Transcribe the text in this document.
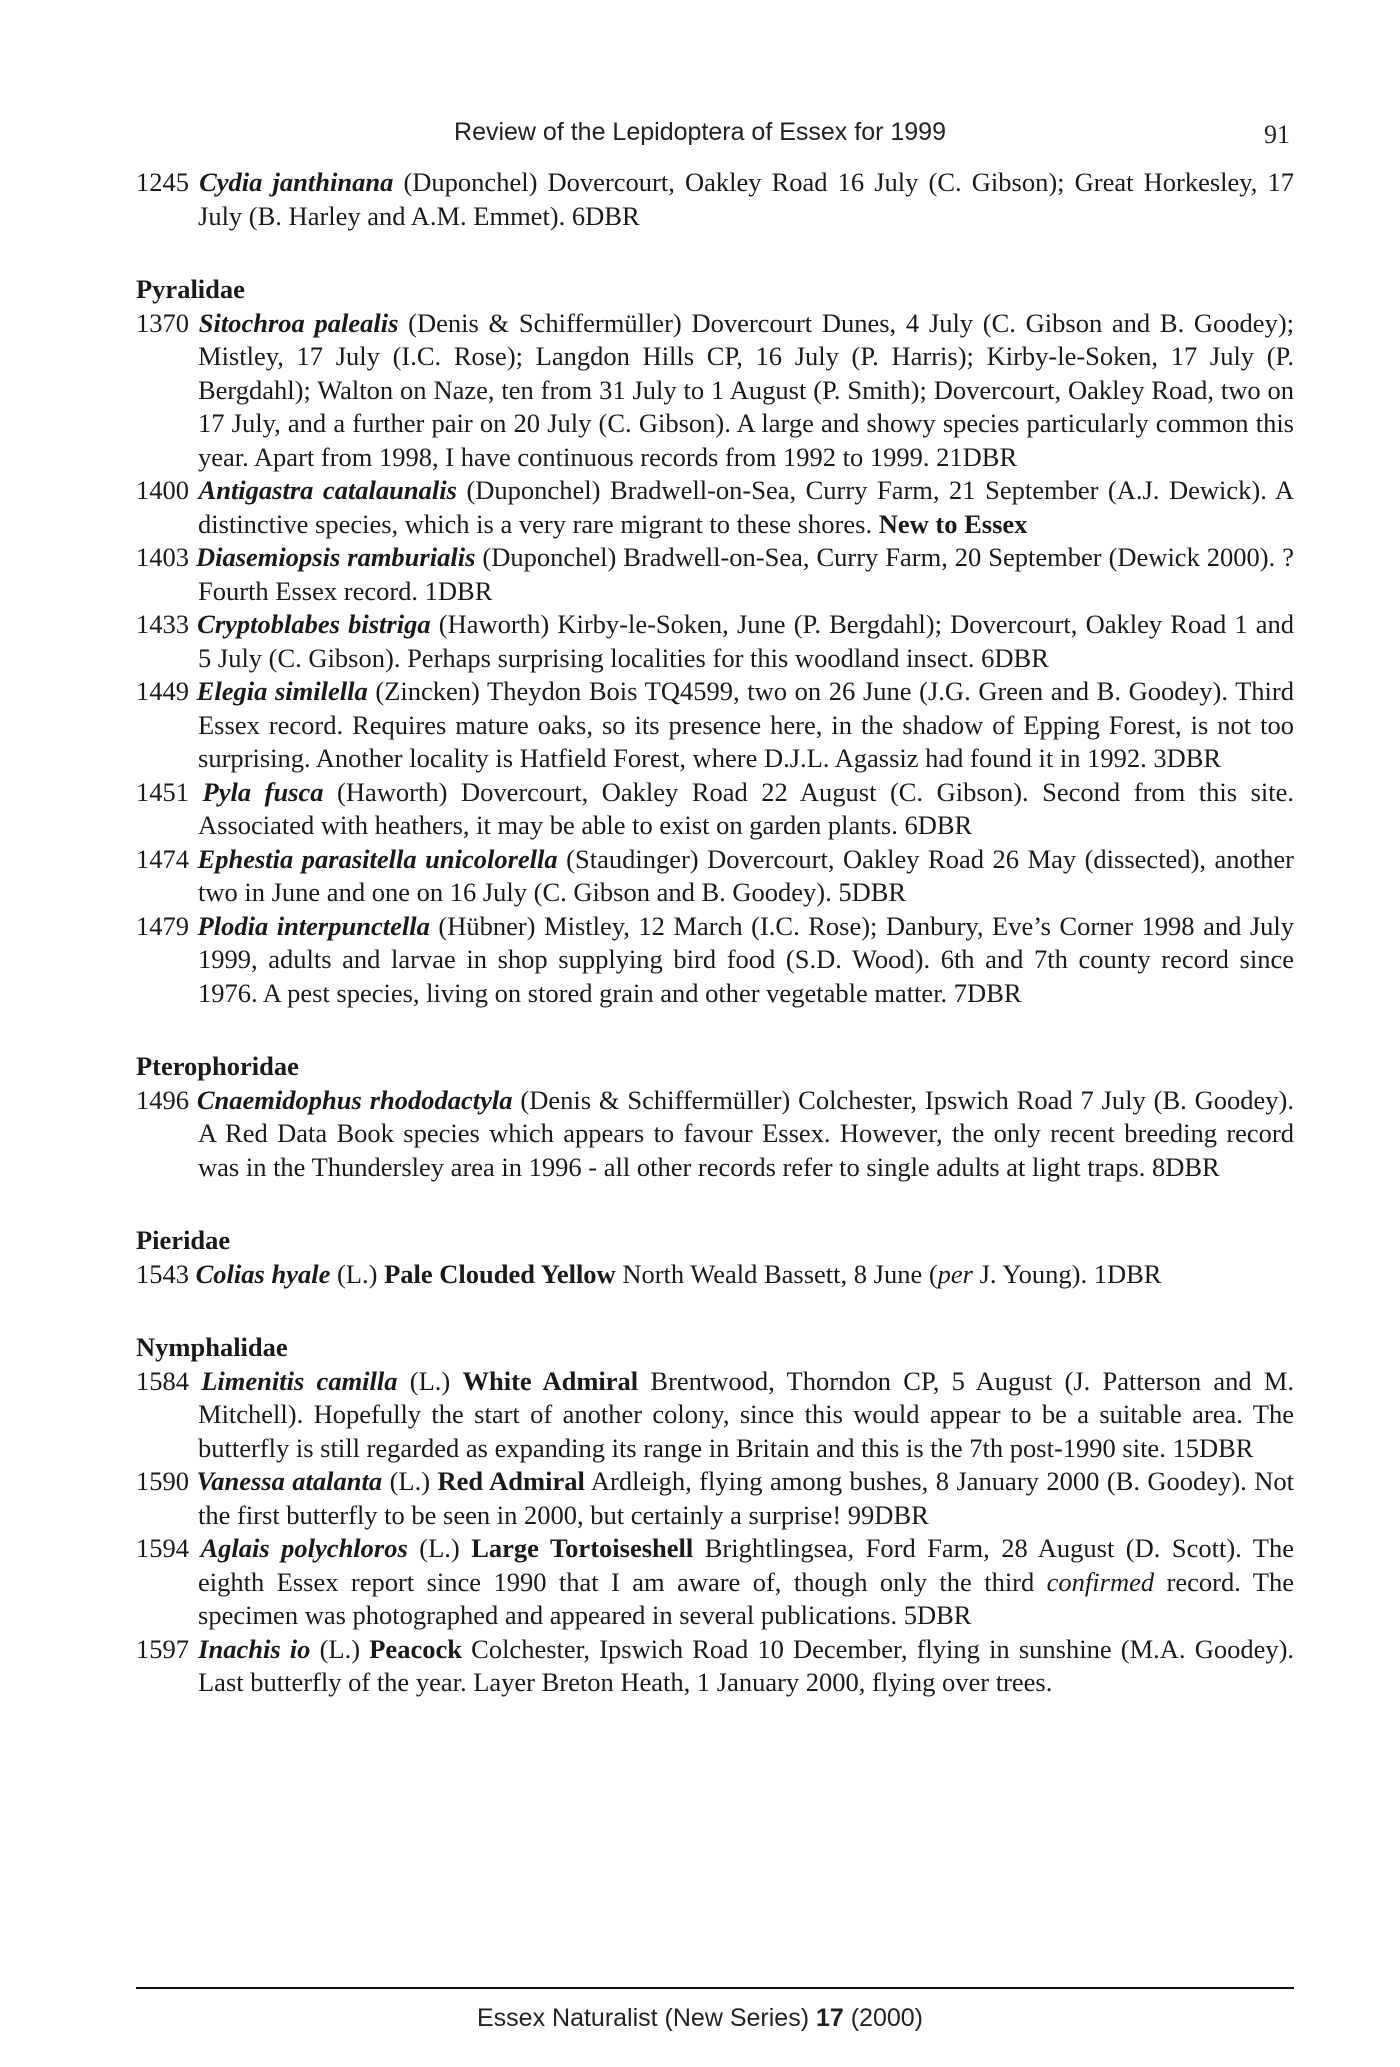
Review of the Lepidoptera of Essex for 1999	91

1245 Cydia janthinana (Duponchel) Dovercourt, Oakley Road 16 July (C. Gibson); Great Horkesley, 17 July (B. Harley and A.M. Emmet). 6DBR

Pyralidae

1370 Sitochroa palealis (Denis & Schiffermüller) Dovercourt Dunes, 4 July (C. Gibson and B. Goodey); Mistley, 17 July (I.C. Rose); Langdon Hills CP, 16 July (P. Harris); Kirby-le-Soken, 17 July (P. Bergdahl); Walton on Naze, ten from 31 July to 1 August (P. Smith); Dovercourt, Oakley Road, two on 17 July, and a further pair on 20 July (C. Gibson). A large and showy species particularly common this year. Apart from 1998, I have continuous records from 1992 to 1999. 21DBR

1400 Antigastra catalaunalis (Duponchel) Bradwell-on-Sea, Curry Farm, 21 September (A.J. Dewick). A distinctive species, which is a very rare migrant to these shores. New to Essex

1403 Diasemiopsis ramburialis (Duponchel) Bradwell-on-Sea, Curry Farm, 20 September (Dewick 2000). ?Fourth Essex record. 1DBR

1433 Cryptoblabes bistriga (Haworth) Kirby-le-Soken, June (P. Bergdahl); Dovercourt, Oakley Road 1 and 5 July (C. Gibson). Perhaps surprising localities for this woodland insect. 6DBR

1449 Elegia similella (Zincken) Theydon Bois TQ4599, two on 26 June (J.G. Green and B. Goodey). Third Essex record. Requires mature oaks, so its presence here, in the shadow of Epping Forest, is not too surprising. Another locality is Hatfield Forest, where D.J.L. Agassiz had found it in 1992. 3DBR

1451 Pyla fusca (Haworth) Dovercourt, Oakley Road 22 August (C. Gibson). Second from this site. Associated with heathers, it may be able to exist on garden plants. 6DBR

1474 Ephestia parasitella unicolorella (Staudinger) Dovercourt, Oakley Road 26 May (dissected), another two in June and one on 16 July (C. Gibson and B. Goodey). 5DBR

1479 Plodia interpunctella (Hübner) Mistley, 12 March (I.C. Rose); Danbury, Eve’s Corner 1998 and July 1999, adults and larvae in shop supplying bird food (S.D. Wood). 6th and 7th county record since 1976. A pest species, living on stored grain and other vegetable matter. 7DBR

Pterophoridae

1496 Cnaemidophus rhododactyla (Denis & Schiffermüller) Colchester, Ipswich Road 7 July (B. Goodey). A Red Data Book species which appears to favour Essex. However, the only recent breeding record was in the Thundersley area in 1996 - all other records refer to single adults at light traps. 8DBR

Pieridae

1543 Colias hyale (L.) Pale Clouded Yellow North Weald Bassett, 8 June (per J. Young). 1DBR

Nymphalidae

1584 Limenitis camilla (L.) White Admiral Brentwood, Thorndon CP, 5 August (J. Patterson and M. Mitchell). Hopefully the start of another colony, since this would appear to be a suitable area. The butterfly is still regarded as expanding its range in Britain and this is the 7th post-1990 site. 15DBR

1590 Vanessa atalanta (L.) Red Admiral Ardleigh, flying among bushes, 8 January 2000 (B. Goodey). Not the first butterfly to be seen in 2000, but certainly a surprise! 99DBR

1594 Aglais polychloros (L.) Large Tortoiseshell Brightlingsea, Ford Farm, 28 August (D. Scott). The eighth Essex report since 1990 that I am aware of, though only the third confirmed record. The specimen was photographed and appeared in several publications. 5DBR

1597 Inachis io (L.) Peacock Colchester, Ipswich Road 10 December, flying in sunshine (M.A. Goodey). Last butterfly of the year. Layer Breton Heath, 1 January 2000, flying over trees.

Essex Naturalist (New Series) 17 (2000)
